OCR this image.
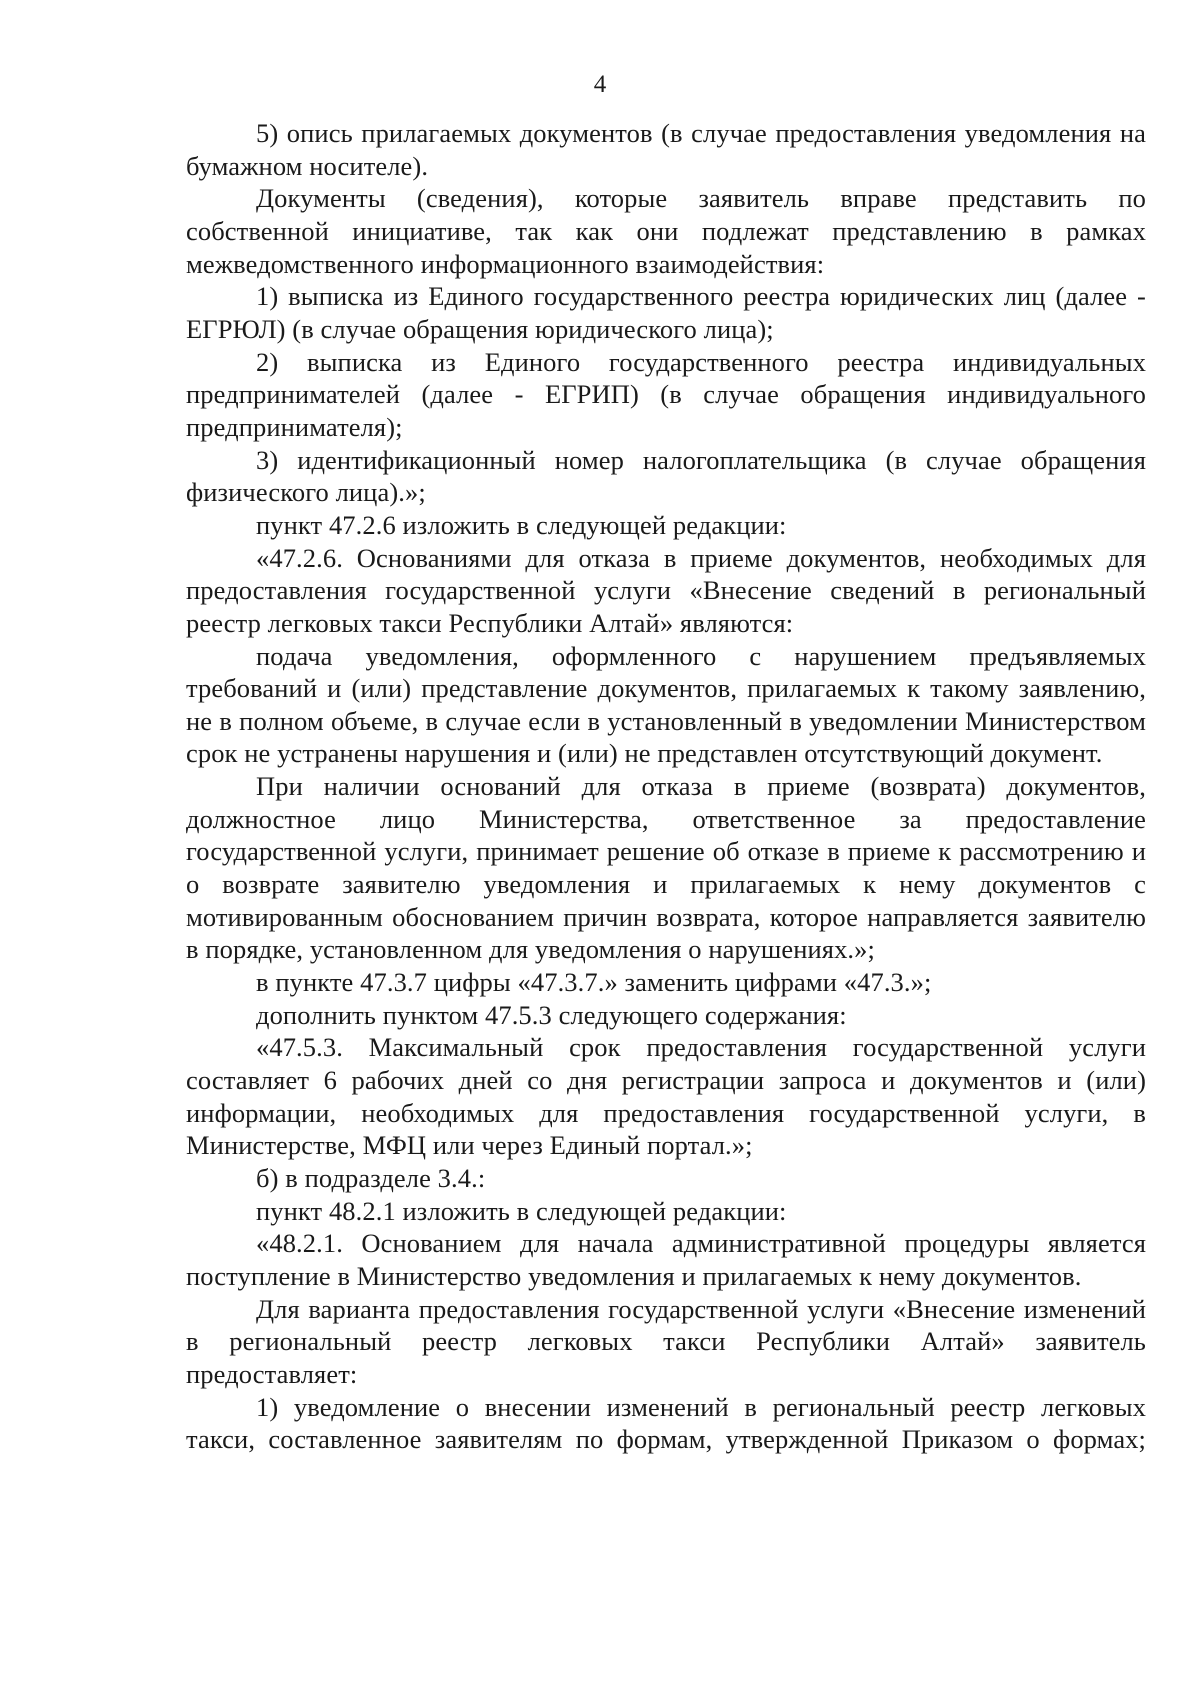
4

5) опись прилагаемых документов (в случае предоставления уведомления на бумажном носителе).

Документы (сведения), которые заявитель вправе представить по собственной инициативе, так как они подлежат представлению в рамках межведомственного информационного взаимодействия:

1) выписка из Единого государственного реестра юридических лиц (далее - ЕГРЮЛ) (в случае обращения юридического лица);

2) выписка из Единого государственного реестра индивидуальных предпринимателей (далее - ЕГРИП) (в случае обращения индивидуального предпринимателя);

3) идентификационный номер налогоплательщика (в случае обращения физического лица).»;

пункт 47.2.6 изложить в следующей редакции:

«47.2.6. Основаниями для отказа в приеме документов, необходимых для предоставления государственной услуги «Внесение сведений в региональный реестр легковых такси Республики Алтай» являются:

подача уведомления, оформленного с нарушением предъявляемых требований и (или) представление документов, прилагаемых к такому заявлению, не в полном объеме, в случае если в установленный в уведомлении Министерством срок не устранены нарушения и (или) не представлен отсутствующий документ.

При наличии оснований для отказа в приеме (возврата) документов, должностное лицо Министерства, ответственное за предоставление государственной услуги, принимает решение об отказе в приеме к рассмотрению и о возврате заявителю уведомления и прилагаемых к нему документов с мотивированным обоснованием причин возврата, которое направляется заявителю в порядке, установленном для уведомления о нарушениях.»;

в пункте 47.3.7 цифры «47.3.7.» заменить цифрами «47.3.»;

дополнить пунктом 47.5.3 следующего содержания:

«47.5.3. Максимальный срок предоставления государственной услуги составляет 6 рабочих дней со дня регистрации запроса и документов и (или) информации, необходимых для предоставления государственной услуги, в Министерстве, МФЦ или через Единый портал.»;

б) в подразделе 3.4.:

пункт 48.2.1 изложить в следующей редакции:

«48.2.1. Основанием для начала административной процедуры является поступление в Министерство уведомления и прилагаемых к нему документов.

Для варианта предоставления государственной услуги «Внесение изменений в региональный реестр легковых такси Республики Алтай» заявитель предоставляет:

1) уведомление о внесении изменений в региональный реестр легковых такси, составленное заявителям по формам, утвержденной Приказом о формах;
